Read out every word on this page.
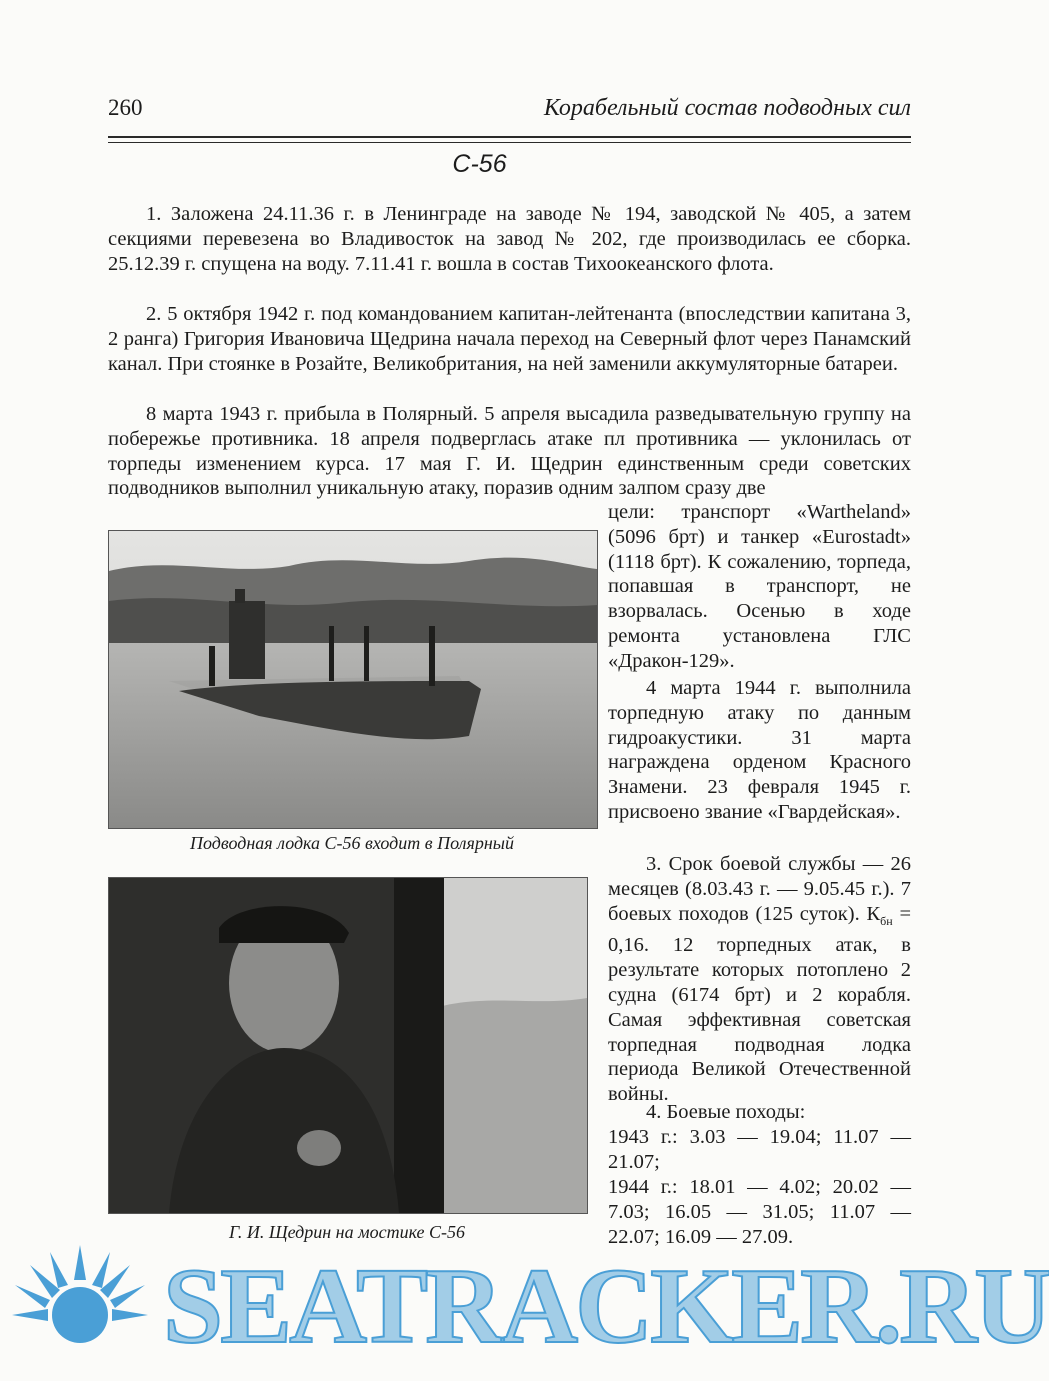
260	Корабельный состав подводных сил
С-56

1. Заложена 24.11.36 г. в Ленинграде на заводе № 194, заводской № 405, а затем секциями перевезена во Владивосток на завод № 202, где производилась ее сборка. 25.12.39 г. спущена на воду. 7.11.41 г. вошла в состав Тихоокеанского флота.

2. 5 октября 1942 г. под командованием капитан-лейтенанта (впоследствии капитана 3, 2 ранга) Григория Ивановича Щедрина начала переход на Северный флот через Панамский канал. При стоянке в Розайте, Великобритания, на ней заменили аккумуляторные батареи.

8 марта 1943 г. прибыла в Полярный. 5 апреля высадила разведывательную группу на побережье противника. 18 апреля подверглась атаке пл противника — уклонилась от торпеды изменением курса. 17 мая Г. И. Щедрин единственным среди советских подводников выполнил уникальную атаку, поразив одним залпом сразу две

цели: транспорт «Wartheland» (5096 брт) и танкер «Eurostadt» (1118 брт). К сожалению, торпеда, попавшая в транспорт, не взорвалась. Осенью в ходе ремонта установлена ГЛС «Дракон-129».

4 марта 1944 г. выполнила торпедную атаку по данным гидроакустики. 31 марта награждена орденом Красного Знамени. 23 февраля 1945 г. присвоено звание «Гвардейская».

3. Срок боевой службы — 26 месяцев (8.03.43 г. — 9.05.45 г.). 7 боевых походов (125 суток). $К_{бн} = 0,16$. 12 торпедных атак, в результате которых потоплено 2 судна (6174 брт) и 2 корабля. Самая эффективная советская торпедная подводная лодка периода Великой Отечественной войны.

4. Боевые походы:

1943 г.: 3.03 — 19.04; 11.07 — 21.07;

1944 г.: 18.01 — 4.02; 20.02 — 7.03; 16.05 — 31.05; 11.07 — 22.07; 16.09 — 27.09.

Подводная лодка С-56 входит в Полярный
Г. И. Щедрин на мостике С-56
SEATRACKER.RU
